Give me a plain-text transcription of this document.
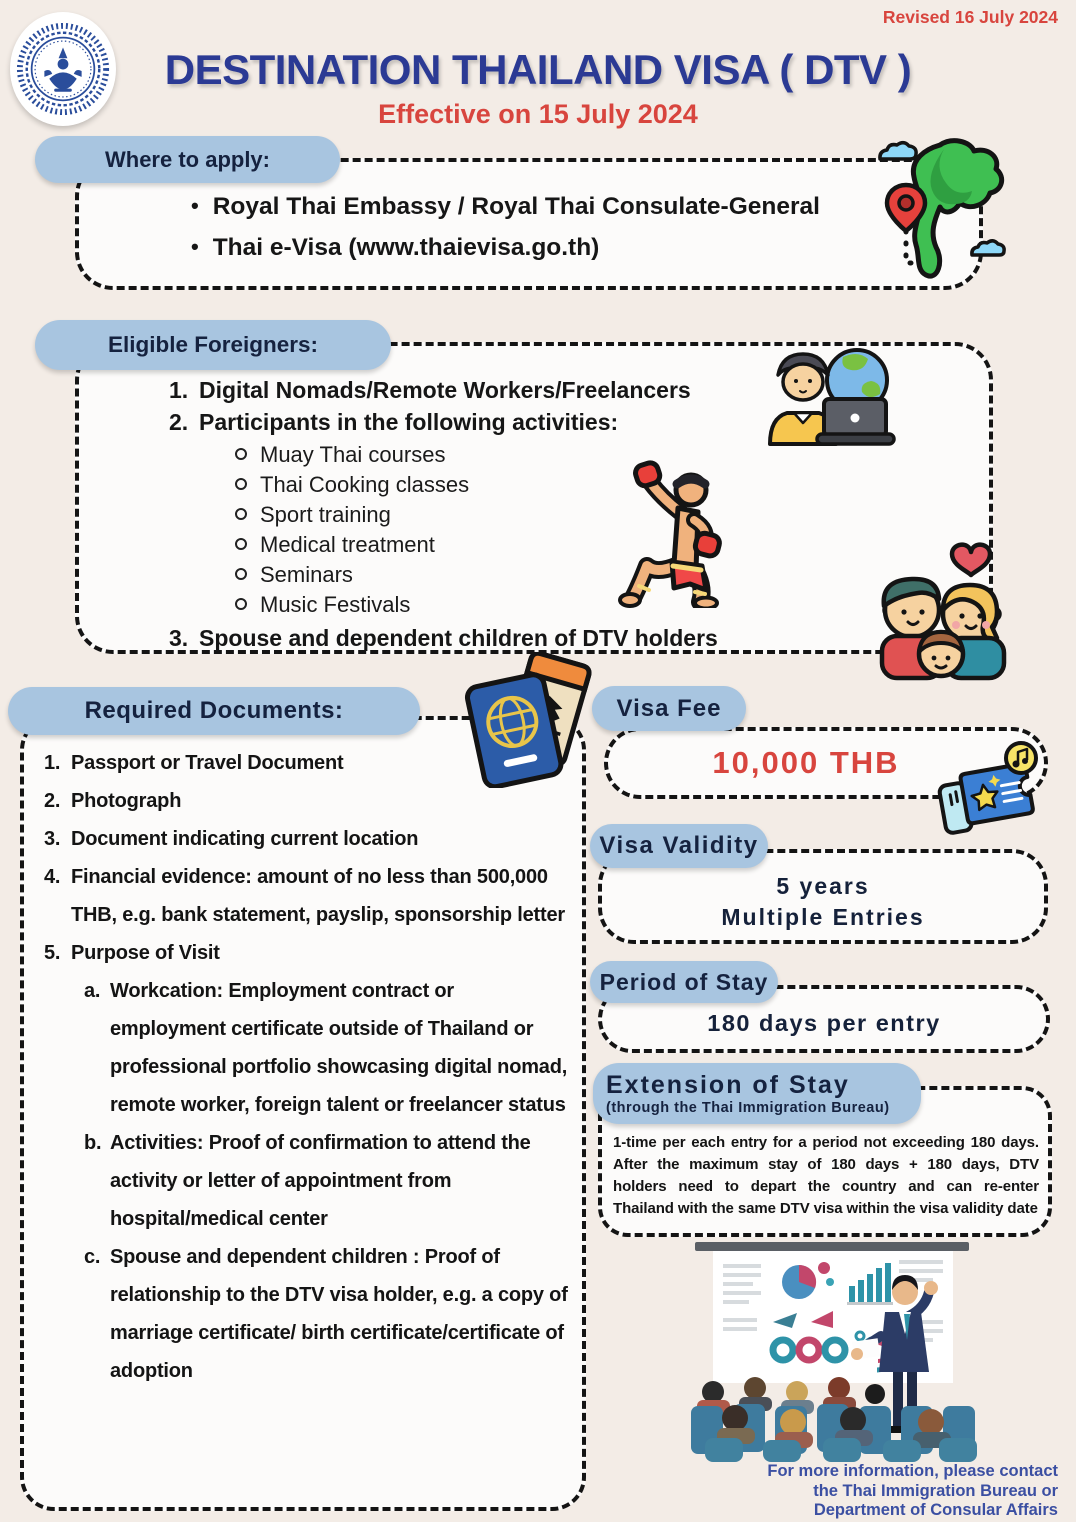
Revised 16 July 2024
DESTINATION THAILAND VISA ( DTV )
Effective on 15 July 2024
Where to apply:
• Royal Thai Embassy / Royal Thai Consulate-General
• Thai e-Visa (www.thaievisa.go.th)
Eligible Foreigners:
1. Digital Nomads/Remote Workers/Freelancers
2. Participants in the following activities:
Muay Thai courses
Thai Cooking classes
Sport training
Medical treatment
Seminars
Music Festivals
3. Spouse and dependent children of DTV holders
Required Documents:
1. Passport or Travel Document
2. Photograph
3. Document indicating current location
4. Financial evidence: amount of no less than 500,000 THB, e.g. bank statement, payslip, sponsorship letter
5. Purpose of Visit
a. Workcation: Employment contract or employment certificate outside of Thailand or professional portfolio showcasing digital nomad, remote worker, foreign talent or freelancer status
b. Activities: Proof of confirmation to attend the activity or letter of appointment from hospital/medical center
c. Spouse and dependent children : Proof of relationship to the DTV visa holder, e.g. a copy of marriage certificate/ birth certificate/certificate of adoption
Visa Fee
10,000 THB
Visa Validity
5 years
Multiple Entries
Period of Stay
180 days per entry
Extension of Stay
(through the Thai Immigration Bureau)
1-time per each entry for a period not exceeding 180 days. After the maximum stay of 180 days + 180 days, DTV holders need to depart the country and can re-enter Thailand with the same DTV visa within the visa validity date
For more information, please contact
the Thai Immigration Bureau or
Department of Consular Affairs
